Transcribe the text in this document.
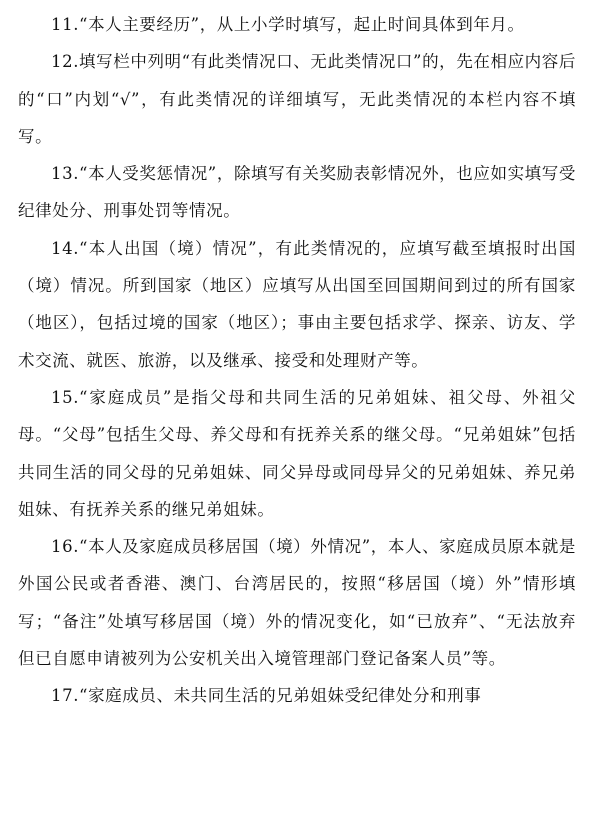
11.“本人主要经历”，从上小学时填写，起止时间具体到年月。

12.填写栏中列明“有此类情况口、无此类情况口”的，先在相应内容后的“口”内划“√”，有此类情况的详细填写，无此类情况的本栏内容不填写。

13.“本人受奖惩情况”，除填写有关奖励表彰情况外，也应如实填写受纪律处分、刑事处罚等情况。

14.“本人出国（境）情况”，有此类情况的，应填写截至填报时出国（境）情况。所到国家（地区）应填写从出国至回国期间到过的所有国家（地区），包括过境的国家（地区）；事由主要包括求学、探亲、访友、学术交流、就医、旅游，以及继承、接受和处理财产等。

15.“家庭成员”是指父母和共同生活的兄弟姐妹、祖父母、外祖父母。“父母”包括生父母、养父母和有抚养关系的继父母。“兄弟姐妹”包括共同生活的同父母的兄弟姐妹、同父异母或同母异父的兄弟姐妹、养兄弟姐妹、有抚养关系的继兄弟姐妹。

16.“本人及家庭成员移居国（境）外情况”，本人、家庭成员原本就是外国公民或者香港、澳门、台湾居民的，按照“移居国（境）外”情形填写；“备注”处填写移居国（境）外的情况变化，如“已放弃”、“无法放弃但已自愿申请被列为公安机关出入境管理部门登记备案人员”等。

17.“家庭成员、未共同生活的兄弟姐妹受纪律处分和刑事
